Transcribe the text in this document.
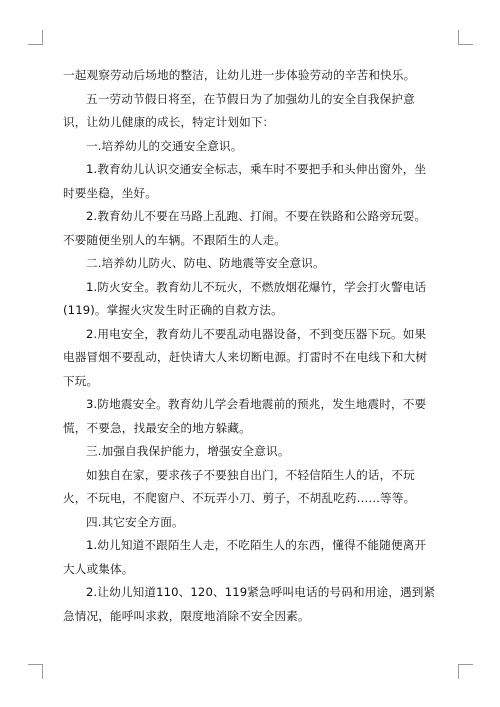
一起观察劳动后场地的整洁，让幼儿进一步体验劳动的辛苦和快乐。

五一劳动节假日将至，在节假日为了加强幼儿的安全自我保护意识，让幼儿健康的成长，特定计划如下：

一.培养幼儿的交通安全意识。

1.教育幼儿认识交通安全标志，乘车时不要把手和头伸出窗外，坐时要坐稳，坐好。

2.教育幼儿不要在马路上乱跑、打闹。不要在铁路和公路旁玩耍。不要随便坐别人的车辆。不跟陌生的人走。

二.培养幼儿防火、防电、防地震等安全意识。

1.防火安全。教育幼儿不玩火，不燃放烟花爆竹，学会打火警电话(119)。掌握火灾发生时正确的自救方法。

2.用电安全，教育幼儿不要乱动电器设备，不到变压器下玩。如果电器冒烟不要乱动，赶快请大人来切断电源。打雷时不在电线下和大树下玩。

3.防地震安全。教育幼儿学会看地震前的预兆，发生地震时，不要慌，不要急，找最安全的地方躲藏。

三.加强自我保护能力，增强安全意识。

如独自在家，要求孩子不要独自出门，不轻信陌生人的话，不玩火，不玩电，不爬窗户、不玩弄小刀、剪子，不胡乱吃药……等等。

四.其它安全方面。

1.幼儿知道不跟陌生人走，不吃陌生人的东西，懂得不能随便离开大人或集体。

2.让幼儿知道110、120、119紧急呼叫电话的号码和用途，遇到紧急情况，能呼叫求救，限度地消除不安全因素。
